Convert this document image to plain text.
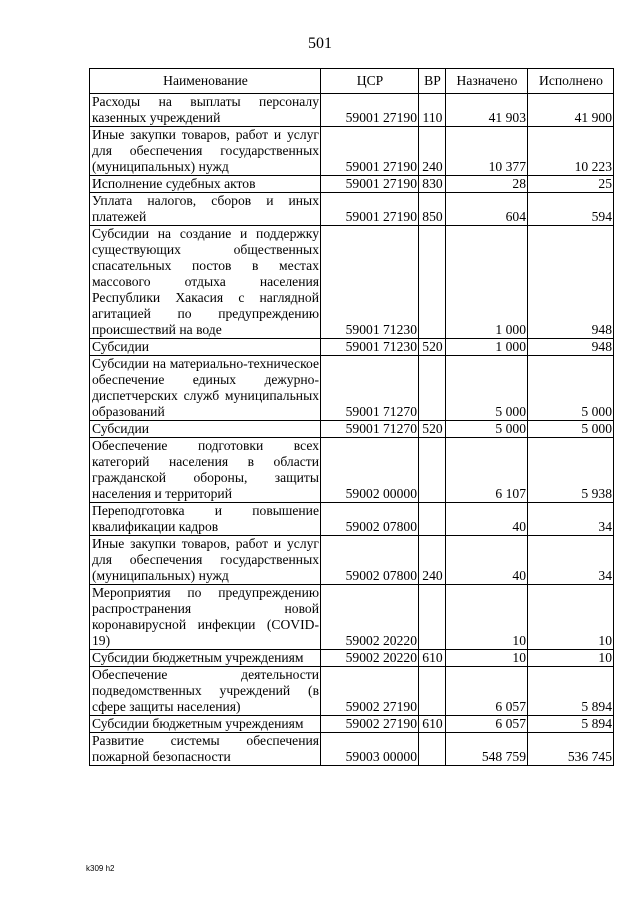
501
Наименование	ЦСР	ВР	Назначено	Исполнено
Расходы на выплаты персоналу казенных учреждений	59001 27190	110	41 903	41 900
Иные закупки товаров, работ и услуг для обеспечения государственных (муниципальных) нужд	59001 27190	240	10 377	10 223
Исполнение судебных актов	59001 27190	830	28	25
Уплата налогов, сборов и иных платежей	59001 27190	850	604	594
Субсидии на создание и поддержку существующих общественных спасательных постов в местах массового отдыха населения Республики Хакасия с наглядной агитацией по предупреждению происшествий на воде	59001 71230		1 000	948
Субсидии	59001 71230	520	1 000	948
Субсидии на материально-техническое обеспечение единых дежурно-диспетчерских служб муниципальных образований	59001 71270		5 000	5 000
Субсидии	59001 71270	520	5 000	5 000
Обеспечение подготовки всех категорий населения в области гражданской обороны, защиты населения и территорий	59002 00000		6 107	5 938
Переподготовка и повышение квалификации кадров	59002 07800		40	34
Иные закупки товаров, работ и услуг для обеспечения государственных (муниципальных) нужд	59002 07800	240	40	34
Мероприятия по предупреждению распространения новой коронавирусной инфекции (COVID-19)	59002 20220		10	10
Субсидии бюджетным учреждениям	59002 20220	610	10	10
Обеспечение деятельности подведомственных учреждений (в сфере защиты населения)	59002 27190		6 057	5 894
Субсидии бюджетным учреждениям	59002 27190	610	6 057	5 894
Развитие системы обеспечения пожарной безопасности	59003 00000		548 759	536 745
k309 h2
